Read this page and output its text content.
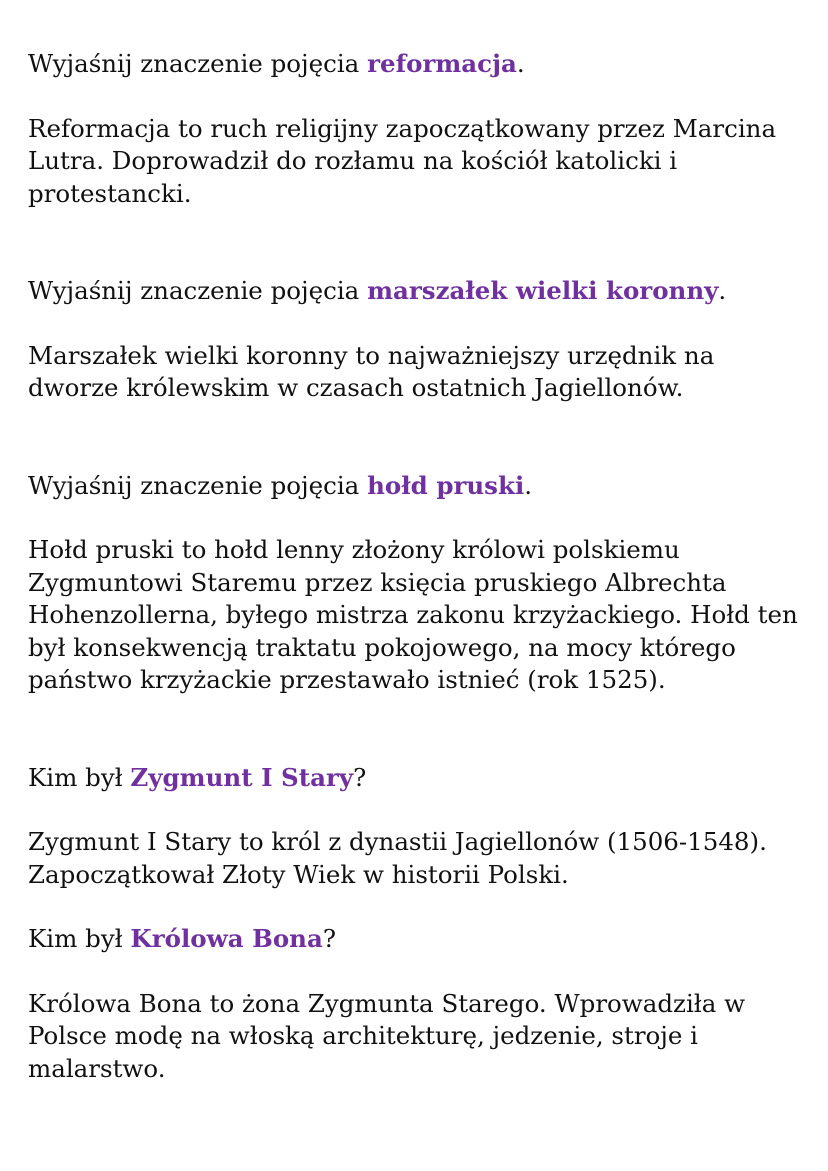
Wyjaśnij znaczenie pojęcia reformacja.

Reformacja to ruch religijny zapoczątkowany przez Marcina Lutra. Doprowadził do rozłamu na kościół katolicki i protestancki.

Wyjaśnij znaczenie pojęcia marszałek wielki koronny.

Marszałek wielki koronny to najważniejszy urzędnik na dworze królewskim w czasach ostatnich Jagiellonów.

Wyjaśnij znaczenie pojęcia hołd pruski.

Hołd pruski to hołd lenny złożony królowi polskiemu Zygmuntowi Staremu przez księcia pruskiego Albrechta Hohenzollerna, byłego mistrza zakonu krzyżackiego. Hołd ten był konsekwencją traktatu pokojowego, na mocy którego państwo krzyżackie przestawało istnieć (rok 1525).

Kim był Zygmunt I Stary?

Zygmunt I Stary to król z dynastii Jagiellonów (1506-1548). Zapoczątkował Złoty Wiek w historii Polski.

Kim był Królowa Bona?

Królowa Bona to żona Zygmunta Starego. Wprowadziła w Polsce modę na włoską architekturę, jedzenie, stroje i malarstwo.
